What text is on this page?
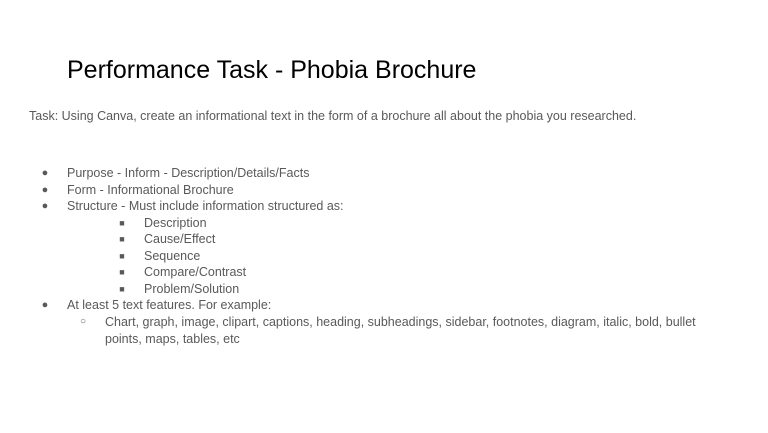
Performance Task - Phobia Brochure
Task: Using Canva, create an informational text in the form of a brochure all about the phobia you researched.
● Purpose - Inform - Description/Details/Facts
● Form - Informational Brochure
● Structure - Must include information structured as:
■ Description
■ Cause/Effect
■ Sequence
■ Compare/Contrast
■ Problem/Solution
● At least 5 text features. For example:
○ Chart, graph, image, clipart, captions, heading, subheadings, sidebar, footnotes, diagram, italic, bold, bullet points, maps, tables, etc
